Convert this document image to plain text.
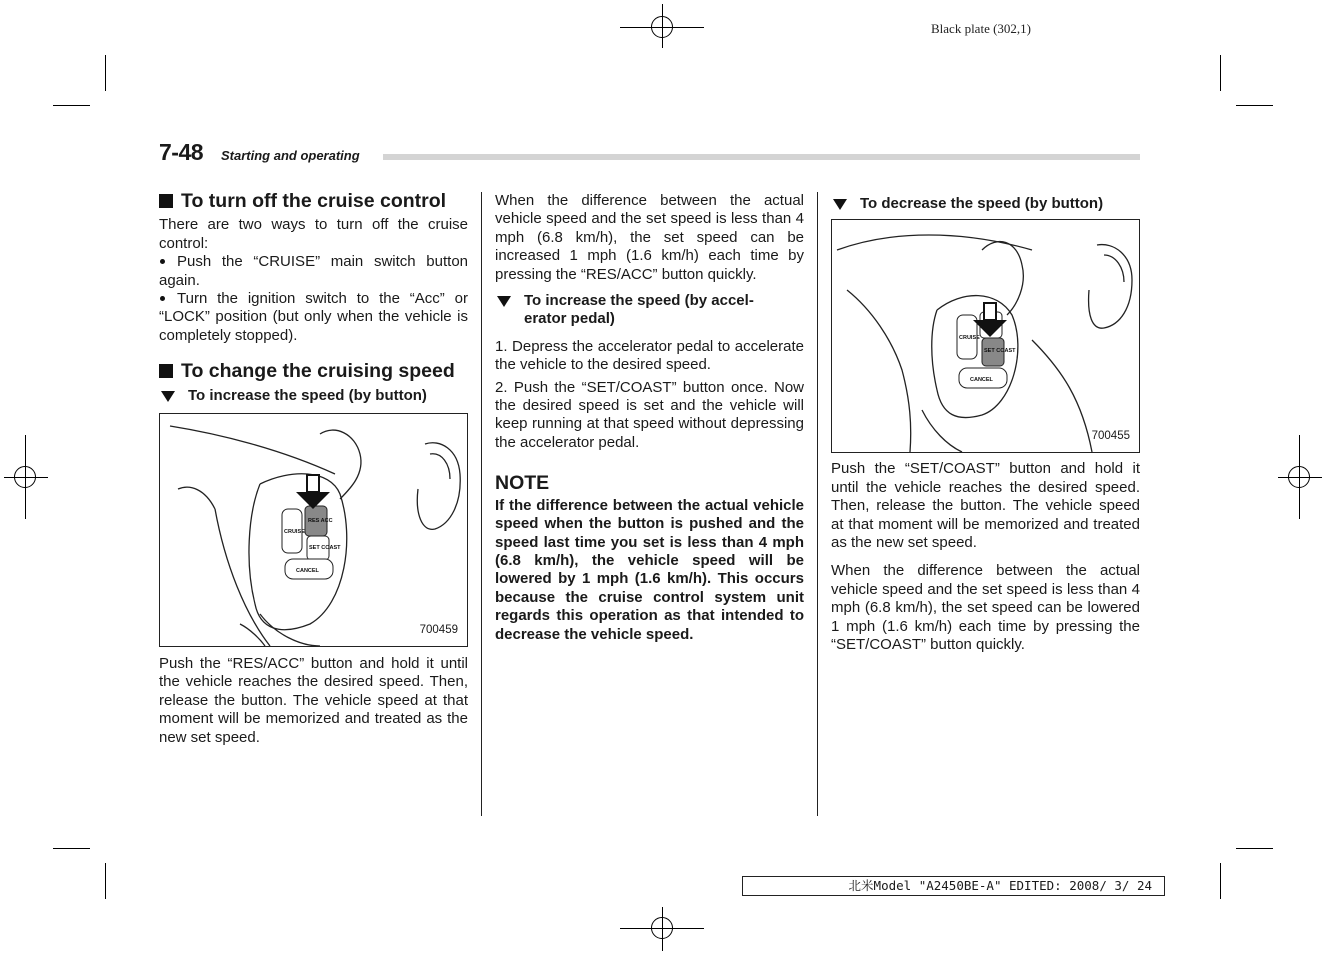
Black plate (302,1)
7-48 Starting and operating
To turn off the cruise control

There are two ways to turn off the cruise control:

Push the “CRUISE” main switch button again.

Turn the ignition switch to the “Acc” or “LOCK” position (but only when the vehicle is completely stopped).

To change the cruising speed
To increase the speed (by button)
CRUISE
RES ACC
SET COAST
CANCEL
700459

Push the “RES/ACC” button and hold it until the vehicle reaches the desired speed. Then, release the button. The vehicle speed at that moment will be memorized and treated as the new set speed.

When the difference between the actual vehicle speed and the set speed is less than 4 mph (6.8 km/h), the set speed can be increased 1 mph (1.6 km/h) each time by pressing the “RES/ACC” button quickly.

To increase the speed (by accel- erator pedal)

1. Depress the accelerator pedal to accelerate the vehicle to the desired speed.

2. Push the “SET/COAST” button once. Now the desired speed is set and the vehicle will keep running at that speed without depressing the accelerator pedal.

NOTE

If the difference between the actual vehicle speed when the button is pushed and the speed last time you set is less than 4 mph (6.8 km/h), the vehicle speed will be lowered by 1 mph (1.6 km/h). This occurs because the cruise control system unit regards this operation as that intended to decrease the vehicle speed.

To decrease the speed (by button)
CRUISE
SET COAST
CANCEL
700455

Push the “SET/COAST” button and hold it until the vehicle reaches the desired speed. Then, release the button. The vehicle speed at that moment will be memorized and treated as the new set speed.

When the difference between the actual vehicle speed and the set speed is less than 4 mph (6.8 km/h), the set speed can be lowered 1 mph (1.6 km/h) each time by pressing the “SET/COAST” button quickly.

北米Model "A2450BE-A" EDITED: 2008/ 3/ 24
